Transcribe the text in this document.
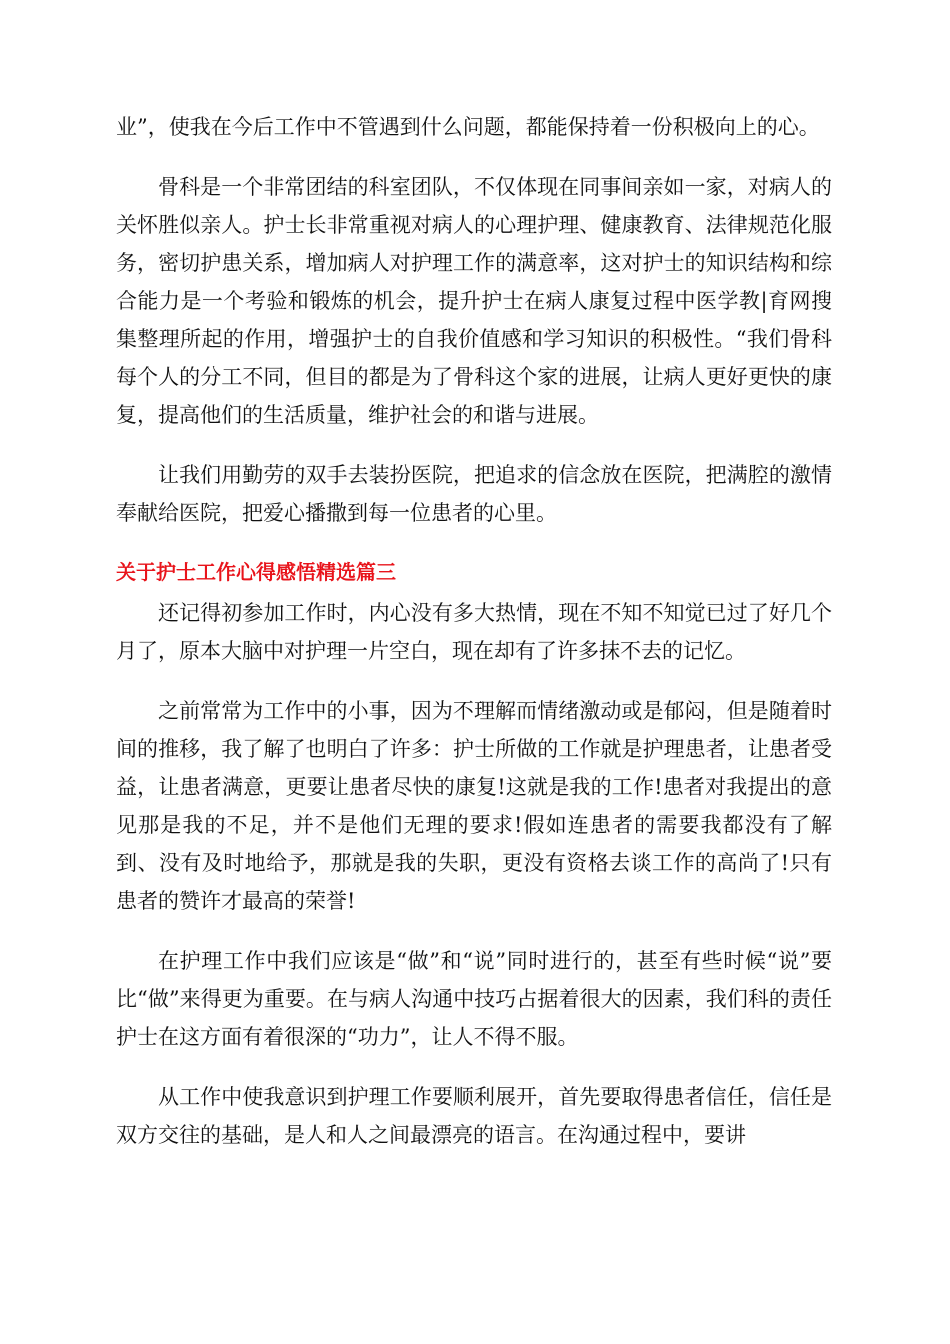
业”，使我在今后工作中不管遇到什么问题，都能保持着一份积极向上的心。

骨科是一个非常团结的科室团队，不仅体现在同事间亲如一家，对病人的关怀胜似亲人。护士长非常重视对病人的心理护理、健康教育、法律规范化服务，密切护患关系，增加病人对护理工作的满意率，这对护士的知识结构和综合能力是一个考验和锻炼的机会，提升护士在病人康复过程中医学教|育网搜集整理所起的作用，增强护士的自我价值感和学习知识的积极性。“我们骨科每个人的分工不同，但目的都是为了骨科这个家的进展，让病人更好更快的康复，提高他们的生活质量，维护社会的和谐与进展。

让我们用勤劳的双手去装扮医院，把追求的信念放在医院，把满腔的激情奉献给医院，把爱心播撒到每一位患者的心里。

关于护士工作心得感悟精选篇三

还记得初参加工作时，内心没有多大热情，现在不知不知觉已过了好几个月了，原本大脑中对护理一片空白，现在却有了许多抹不去的记忆。

之前常常为工作中的小事，因为不理解而情绪激动或是郁闷，但是随着时间的推移，我了解了也明白了许多：护士所做的工作就是护理患者，让患者受益，让患者满意，更要让患者尽快的康复!这就是我的工作!患者对我提出的意见那是我的不足，并不是他们无理的要求!假如连患者的需要我都没有了解到、没有及时地给予，那就是我的失职，更没有资格去谈工作的高尚了!只有患者的赞许才最高的荣誉!

在护理工作中我们应该是“做”和“说”同时进行的，甚至有些时候“说”要比“做”来得更为重要。在与病人沟通中技巧占据着很大的因素，我们科的责任护士在这方面有着很深的“功力”，让人不得不服。

从工作中使我意识到护理工作要顺利展开，首先要取得患者信任，信任是双方交往的基础，是人和人之间最漂亮的语言。在沟通过程中，要讲
